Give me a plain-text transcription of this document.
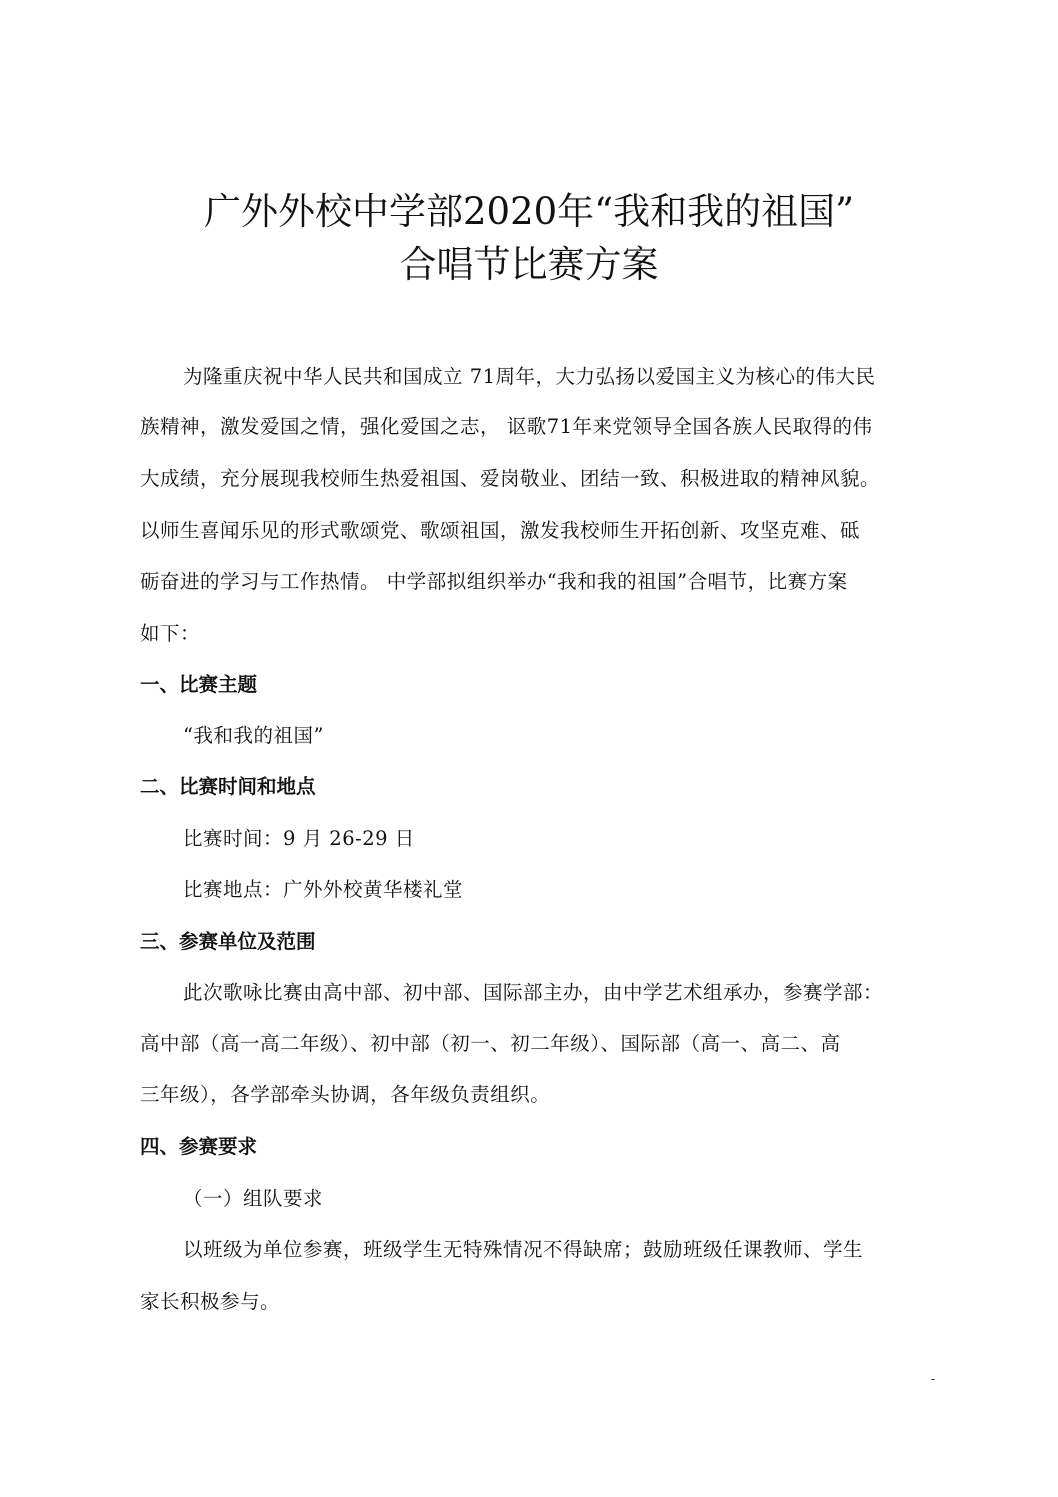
广外外校中学部2020年“我和我的祖国”
合唱节比赛方案
为隆重庆祝中华人民共和国成立 71周年，大力弘扬以爱国主义为核心的伟大民
族精神，激发爱国之情，强化爱国之志， 讴歌71年来党领导全国各族人民取得的伟
大成绩，充分展现我校师生热爱祖国、爱岗敬业、团结一致、积极进取的精神风貌。
以师生喜闻乐见的形式歌颂党、歌颂祖国，激发我校师生开拓创新、攻坚克难、砥
砺奋进的学习与工作热情。 中学部拟组织举办“我和我的祖国”合唱节，比赛方案
如下：
一、比赛主题
“我和我的祖国”
二、比赛时间和地点
比赛时间：9 月 26-29 日
比赛地点：广外外校黄华楼礼堂
三、参赛单位及范围
此次歌咏比赛由高中部、初中部、国际部主办，由中学艺术组承办，参赛学部：
高中部（高一高二年级）、初中部（初一、初二年级）、国际部（高一、高二、高
三年级），各学部牵头协调，各年级负责组织。
四、参赛要求
（一）组队要求
以班级为单位参赛，班级学生无特殊情况不得缺席；鼓励班级任课教师、学生
家长积极参与。
-
